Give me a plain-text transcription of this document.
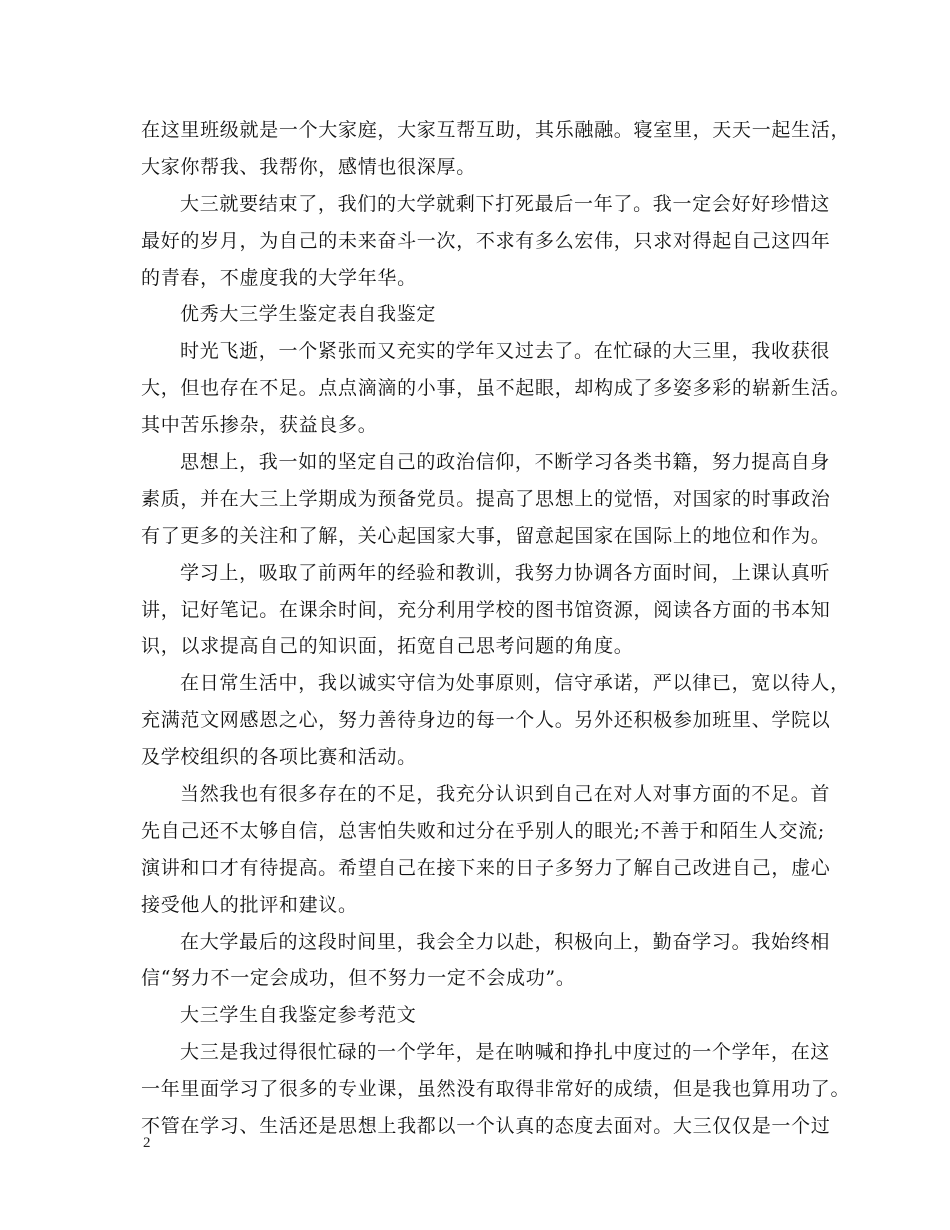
在这里班级就是一个大家庭，大家互帮互助，其乐融融。寝室里，天天一起生活，
大家你帮我、我帮你，感情也很深厚。
大三就要结束了，我们的大学就剩下打死最后一年了。我一定会好好珍惜这
最好的岁月，为自己的未来奋斗一次，不求有多么宏伟，只求对得起自己这四年
的青春，不虚度我的大学年华。
优秀大三学生鉴定表自我鉴定
时光飞逝，一个紧张而又充实的学年又过去了。在忙碌的大三里，我收获很
大，但也存在不足。点点滴滴的小事，虽不起眼，却构成了多姿多彩的崭新生活。
其中苦乐掺杂，获益良多。
思想上，我一如的坚定自己的政治信仰，不断学习各类书籍，努力提高自身
素质，并在大三上学期成为预备党员。提高了思想上的觉悟，对国家的时事政治
有了更多的关注和了解，关心起国家大事，留意起国家在国际上的地位和作为。
学习上，吸取了前两年的经验和教训，我努力协调各方面时间，上课认真听
讲，记好笔记。在课余时间，充分利用学校的图书馆资源，阅读各方面的书本知
识，以求提高自己的知识面，拓宽自己思考问题的角度。
在日常生活中，我以诚实守信为处事原则，信守承诺，严以律已，宽以待人，
充满范文网感恩之心，努力善待身边的每一个人。另外还积极参加班里、学院以
及学校组织的各项比赛和活动。
当然我也有很多存在的不足，我充分认识到自己在对人对事方面的不足。首
先自己还不太够自信，总害怕失败和过分在乎别人的眼光;不善于和陌生人交流;
演讲和口才有待提高。希望自己在接下来的日子多努力了解自己改进自己，虚心
接受他人的批评和建议。
在大学最后的这段时间里，我会全力以赴，积极向上，勤奋学习。我始终相
信“努力不一定会成功，但不努力一定不会成功”。
大三学生自我鉴定参考范文
大三是我过得很忙碌的一个学年，是在呐喊和挣扎中度过的一个学年，在这
一年里面学习了很多的专业课，虽然没有取得非常好的成绩，但是我也算用功了。
不管在学习、生活还是思想上我都以一个认真的态度去面对。大三仅仅是一个过
2
